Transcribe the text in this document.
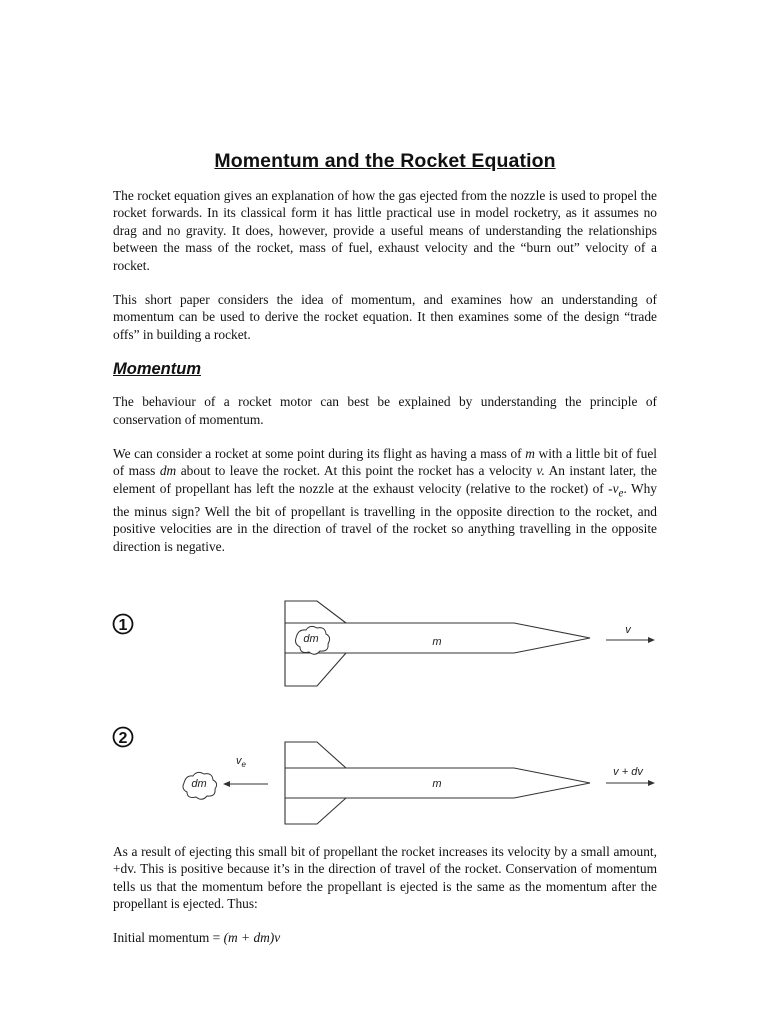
Momentum and the Rocket Equation

The rocket equation gives an explanation of how the gas ejected from the nozzle is used to propel the rocket forwards. In its classical form it has little practical use in model rocketry, as it assumes no drag and no gravity. It does, however, provide a useful means of understanding the relationships between the mass of the rocket, mass of fuel, exhaust velocity and the “burn out” velocity of a rocket.

This short paper considers the idea of momentum, and examines how an understanding of momentum can be used to derive the rocket equation. It then examines some of the design “trade offs” in building a rocket.

Momentum

The behaviour of a rocket motor can best be explained by understanding the principle of conservation of momentum.

We can consider a rocket at some point during its flight as having a mass of m with a little bit of fuel of mass dm about to leave the rocket. At this point the rocket has a velocity v. An instant later, the element of propellant has left the nozzle at the exhaust velocity (relative to the rocket) of $-v_e$. Why the minus sign? Well the bit of propellant is travelling in the opposite direction to the rocket, and positive velocities are in the direction of travel of the rocket so anything travelling in the opposite direction is negative.

1
dm	m
v
2
dm
$v_e$
m
v + dv

As a result of ejecting this small bit of propellant the rocket increases its velocity by a small amount, +dv. This is positive because it’s in the direction of travel of the rocket. Conservation of momentum tells us that the momentum before the propellant is ejected is the same as the momentum after the propellant is ejected. Thus:

Initial momentum = (m + dm)v
